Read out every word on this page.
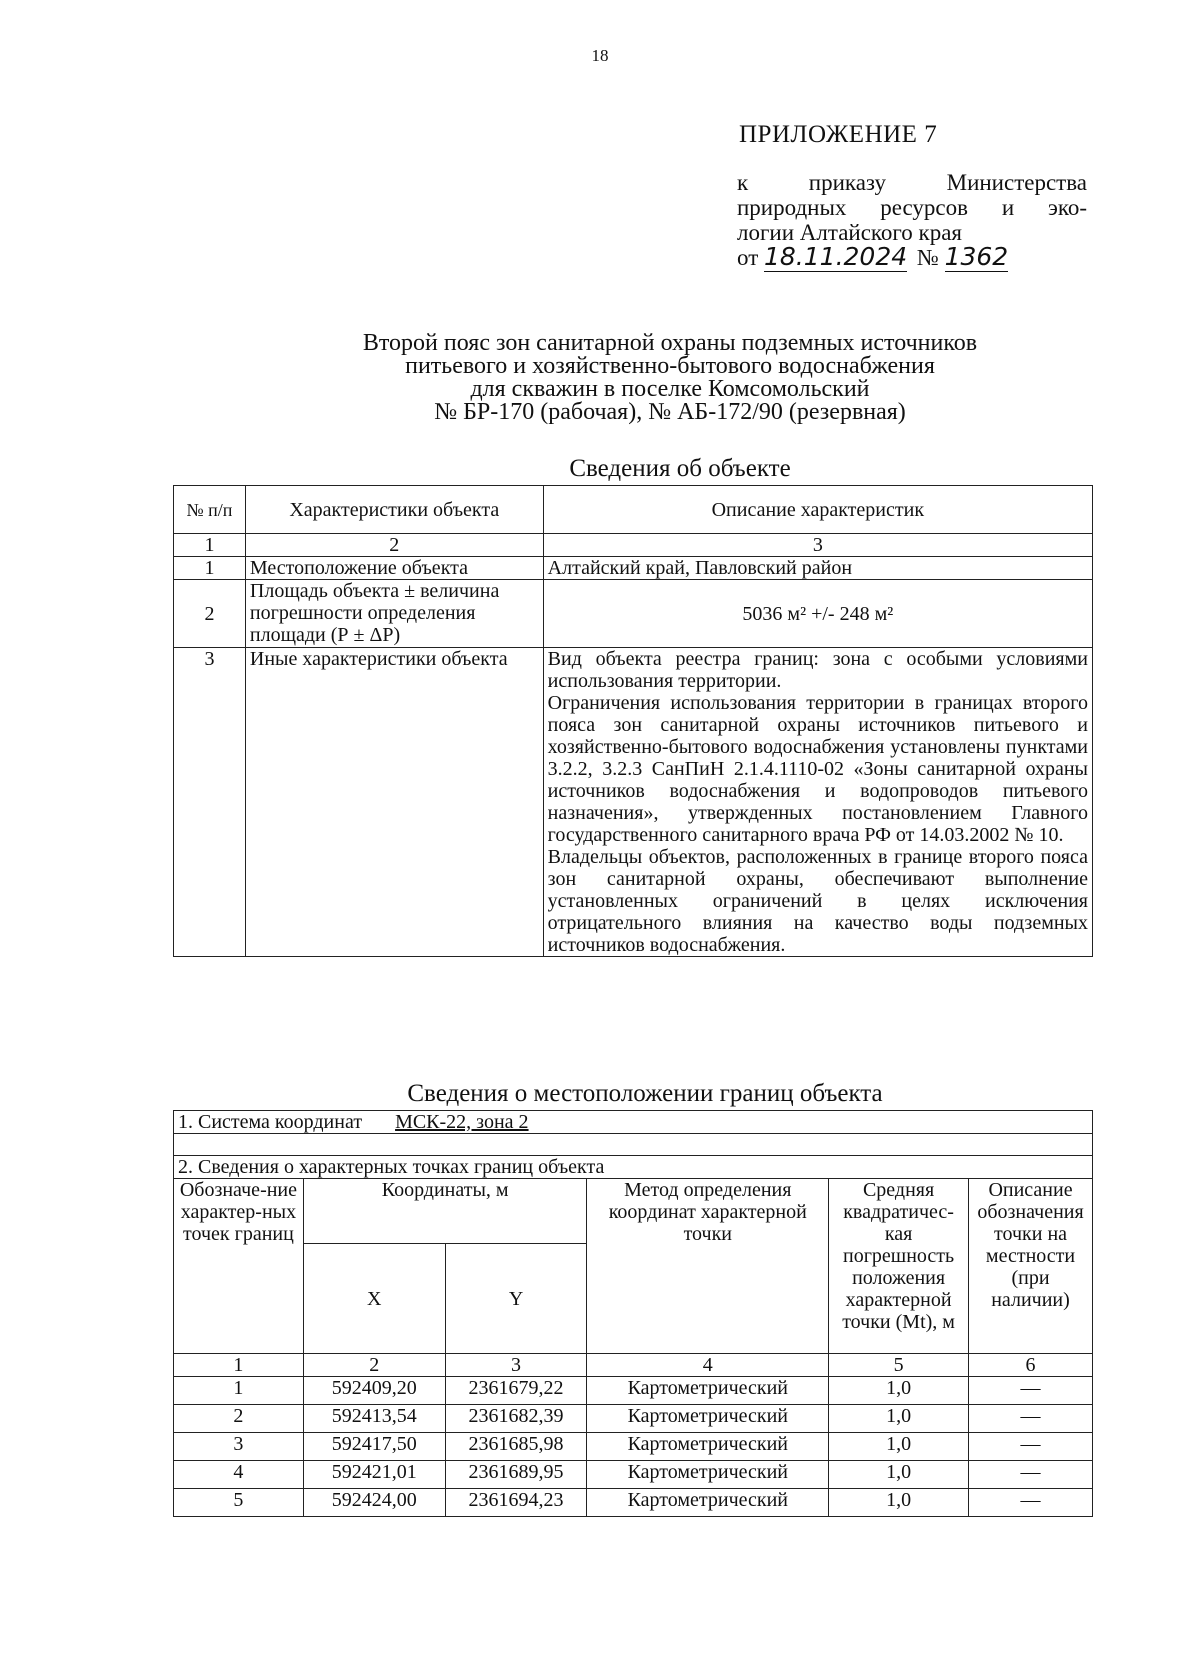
18
ПРИЛОЖЕНИЕ 7
к приказу Министерства
природных ресурсов и эко-
логии Алтайского края
от 18.11.2024 № 1362
Второй пояс зон санитарной охраны подземных источников
питьевого и хозяйственно-бытового водоснабжения
для скважин в поселке Комсомольский
№ БР-170 (рабочая), № АБ-172/90 (резервная)
Сведения об объекте
№ п/п	Характеристики объекта	Описание характеристик
1	2	3
1	Местоположение объекта	Алтайский край, Павловский район
2	Площадь объекта ± величина погрешности определения площади (Р ± ΔР)	5036 м² +/- 248 м²
3	Иные характеристики объекта	Вид объекта реестра границ: зона с особыми условиями использования территории.
Ограничения использования территории в границах второго пояса зон санитарной охраны источников питьевого и хозяйственно-бытового водоснабжения установлены пунктами 3.2.2, 3.2.3 СанПиН 2.1.4.1110-02 «Зоны санитарной охраны источников водоснабжения и водопроводов питьевого назначения», утвержденных постановлением Главного государственного санитарного врача РФ от 14.03.2002 № 10.
Владельцы объектов, расположенных в границе второго пояса зон санитарной охраны, обеспечивают выполнение установленных ограничений в целях исключения отрицательного влияния на качество воды подземных источников водоснабжения.
Сведения о местоположении границ объекта
1. Система координат МСК-22, зона 2					

2. Сведения о характерных точках границ объекта					
Обозначе-ние характер-ных точек границ	Координаты, м		Метод определения координат характерной точки	Средняя квадратичес-кая погрешность положения характерной точки (Mt), м	Описание обозначения точки на местности (при наличии)
	X	Y			
1	2	3	4	5	6
1	592409,20	2361679,22	Картометрический	1,0	—
2	592413,54	2361682,39	Картометрический	1,0	—
3	592417,50	2361685,98	Картометрический	1,0	—
4	592421,01	2361689,95	Картометрический	1,0	—
5	592424,00	2361694,23	Картометрический	1,0	—
